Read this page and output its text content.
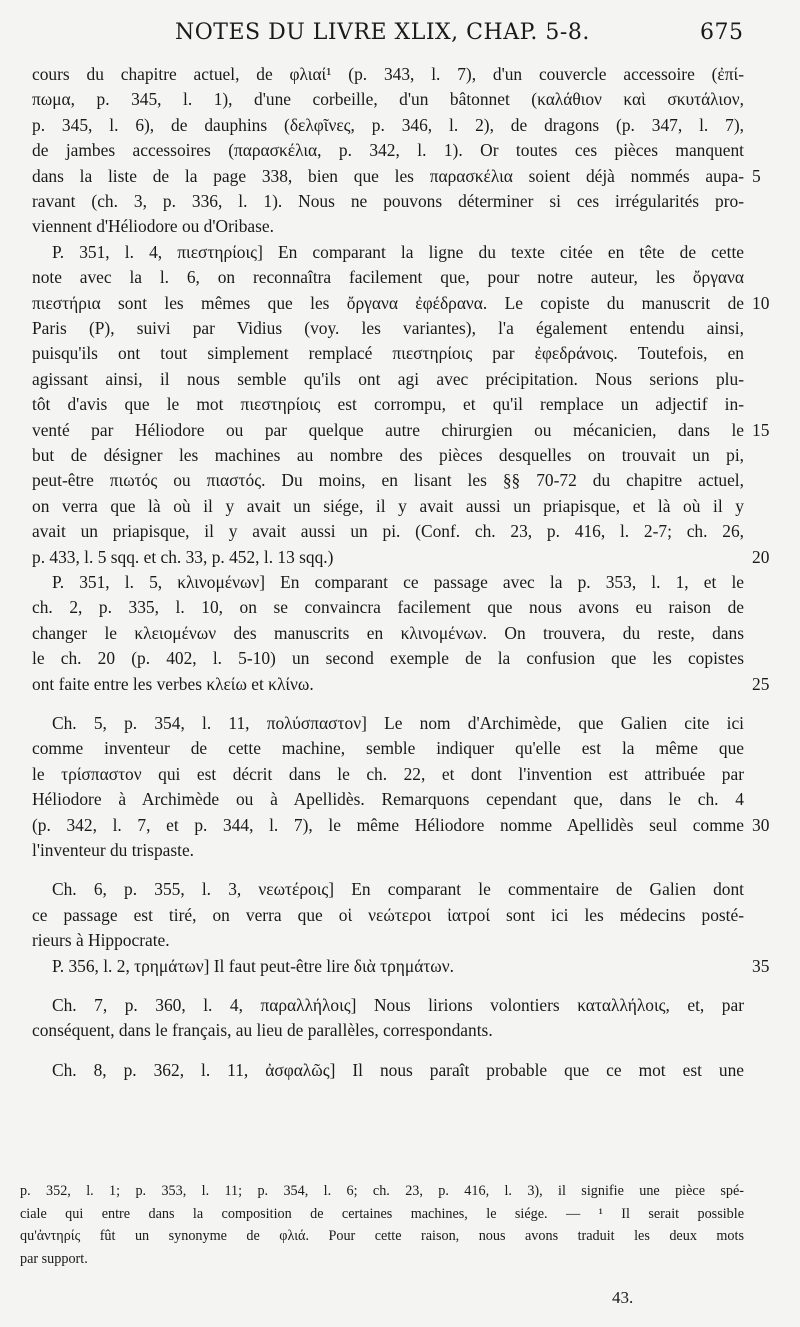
NOTES DU LIVRE XLIX, CHAP. 5-8.	675
cours du chapitre actuel, de φλιαί¹ (p. 343, l. 7), d'un couvercle accessoire (ἐπί-
πωμα, p. 345, l. 1), d'une corbeille, d'un bâtonnet (καλάθιον καὶ σκυτάλιον,
p. 345, l. 6), de dauphins (δελφῖνες, p. 346, l. 2), de dragons (p. 347, l. 7),
de jambes accessoires (παρασκέλια, p. 342, l. 1). Or toutes ces pièces manquent
dans la liste de la page 338, bien que les παρασκέλια soient déjà nommés aupa- 5
ravant (ch. 3, p. 336, l. 1). Nous ne pouvons déterminer si ces irrégularités pro-
viennent d'Héliodore ou d'Oribase.
P. 351, l. 4, πιεστηρίοις] En comparant la ligne du texte citée en tête de cette
note avec la l. 6, on reconnaîtra facilement que, pour notre auteur, les ὄργανα
πιεστήρια sont les mêmes que les ὄργανα ἐφέδρανα. Le copiste du manuscrit de 10
Paris (P), suivi par Vidius (voy. les variantes), l'a également entendu ainsi,
puisqu'ils ont tout simplement remplacé πιεστηρίοις par ἐφεδράνοις. Toutefois, en
agissant ainsi, il nous semble qu'ils ont agi avec précipitation. Nous serions plu-
tôt d'avis que le mot πιεστηρίοις est corrompu, et qu'il remplace un adjectif in-
venté par Héliodore ou par quelque autre chirurgien ou mécanicien, dans le 15
but de désigner les machines au nombre des pièces desquelles on trouvait un pi,
peut-être πιωτός ou πιαστός. Du moins, en lisant les §§ 70-72 du chapitre actuel,
on verra que là où il y avait un siége, il y avait aussi un priapisque, et là où il y
avait un priapisque, il y avait aussi un pi. (Conf. ch. 23, p. 416, l. 2-7; ch. 26,
p. 433, l. 5 sqq. et ch. 33, p. 452, l. 13 sqq.)	20
P. 351, l. 5, κλινομένων] En comparant ce passage avec la p. 353, l. 1, et le
ch. 2, p. 335, l. 10, on se convaincra facilement que nous avons eu raison de
changer le κλειομένων des manuscrits en κλινομένων. On trouvera, du reste, dans
le ch. 20 (p. 402, l. 5-10) un second exemple de la confusion que les copistes
ont faite entre les verbes κλείω et κλίνω.	25
Ch. 5, p. 354, l. 11, πολύσπαστον] Le nom d'Archimède, que Galien cite ici
comme inventeur de cette machine, semble indiquer qu'elle est la même que
le τρίσπαστον qui est décrit dans le ch. 22, et dont l'invention est attribuée par
Héliodore à Archimède ou à Apellidès. Remarquons cependant que, dans le ch. 4
(p. 342, l. 7, et p. 344, l. 7), le même Héliodore nomme Apellidès seul comme 30
l'inventeur du trispaste.
Ch. 6, p. 355, l. 3, νεωτέροις] En comparant le commentaire de Galien dont
ce passage est tiré, on verra que οἱ νεώτεροι ἰατροί sont ici les médecins posté-
rieurs à Hippocrate.
P. 356, l. 2, τρημάτων] Il faut peut-être lire διὰ τρημάτων.	35
Ch. 7, p. 360, l. 4, παραλλήλοις] Nous lirions volontiers καταλλήλοις, et, par
conséquent, dans le français, au lieu de parallèles, correspondants.
Ch. 8, p. 362, l. 11, ἀσφαλῶς] Il nous paraît probable que ce mot est une
p. 352, l. 1; p. 353, l. 11; p. 354, l. 6; ch. 23, p. 416, l. 3), il signifie une pièce spé-
ciale qui entre dans la composition de certaines machines, le siége. — ¹ Il serait possible
qu'ἀντηρίς fût un synonyme de φλιά. Pour cette raison, nous avons traduit les deux mots
par support.
43.
